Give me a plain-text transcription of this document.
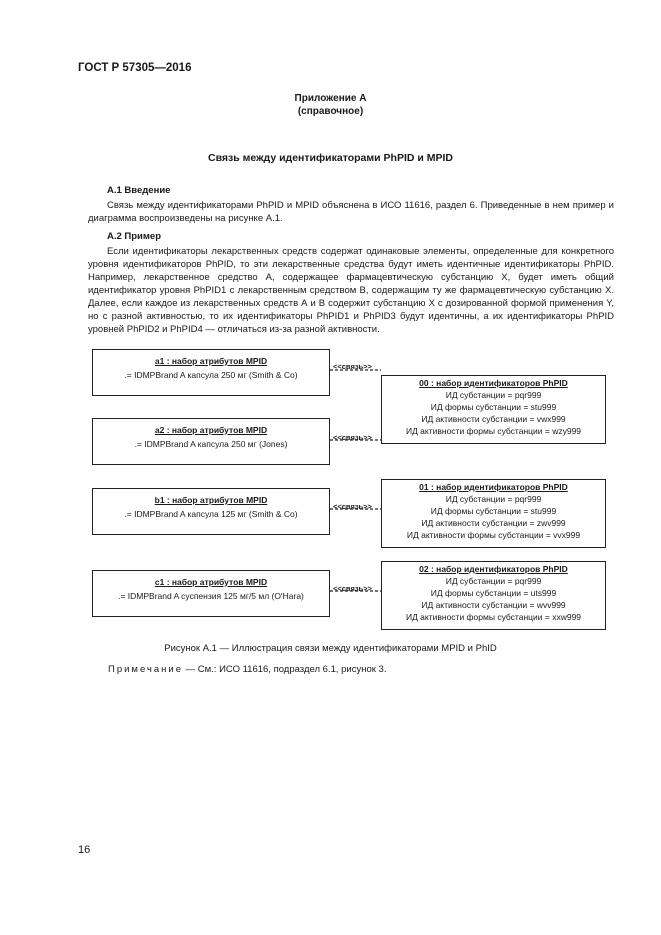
ГОСТ Р 57305—2016
Приложение А
(справочное)
Связь между идентификаторами PhPID и MPID
А.1 Введение

Связь между идентификаторами PhPID и MPID объяснена в ИСО 11616, раздел 6. Приведенные в нем пример и диаграмма воспроизведены на рисунке А.1.

А.2 Пример

Если идентификаторы лекарственных средств содержат одинаковые элементы, определенные для конкретного уровня идентификаторов PhPID, то эти лекарственные средства будут иметь идентичные идентификаторы PhPID. Например, лекарственное средство А, содержащее фармацевтическую субстанцию X, будет иметь общий идентификатор уровня PhPID1 с лекарственным средством В, содержащим ту же фармацевтическую субстанцию X. Далее, если каждое из лекарственных средств А и В содержит субстанцию X с дозированной формой применения Y, но с разной активностью, то их идентификаторы PhPID1 и PhPID3 будут идентичны, а их идентификаторы PhPID уровней PhPID2 и PhPID4 — отличаться из-за разной активности.

<<связь>>
<<связь>>
<<связь>>
<<связь>>
a1 : набор атрибутов MPID
.= IDMPBrand A капсула 250 мг (Smith & Co)
a2 : набор атрибутов MPID
.= IDMPBrand A капсула 250 мг (Jones)
b1 : набор атрибутов MPID
.= IDMPBrand A капсула 125 мг (Smith & Co)
c1 : набор атрибутов MPID
.= IDMPBrand A суспензия 125 мг/5 мл (O'Hara)
00 : набор идентификаторов PhPID
ИД субстанции = pqr999
ИД формы субстанции = stu999
ИД активности субстанции = vwx999
ИД активности формы субстанции = wzy999
01 : набор идентификаторов PhPID
ИД субстанции = pqr999
ИД формы субстанции = stu999
ИД активности субстанции = zwv999
ИД активности формы субстанции = vvx999
02 : набор идентификаторов PhPID
ИД субстанции = pqr999
ИД формы субстанции = uts999
ИД активности субстанции = wvv999
ИД активности формы субстанции = xxw999
Рисунок А.1 — Иллюстрация связи между идентификаторами MPID и PhID
Примечание — См.: ИСО 11616, подраздел 6.1, рисунок 3.
16
